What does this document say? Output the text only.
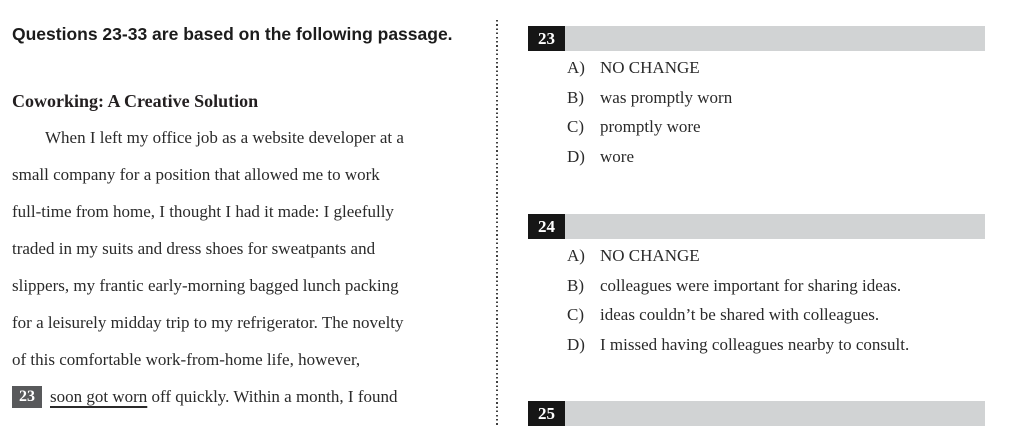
Questions 23-33 are based on the following passage.
Coworking: A Creative Solution
When I left my office job as a website developer at a
small company for a position that allowed me to work
full-time from home, I thought I had it made: I gleefully
traded in my suits and dress shoes for sweatpants and
slippers, my frantic early-morning bagged lunch packing
for a leisurely midday trip to my refrigerator. The novelty
of this comfortable work-from-home life, however,
23 soon got worn off quickly. Within a month, I found
23
A) NO CHANGE
B) was promptly worn
C) promptly wore
D) wore
24
A) NO CHANGE
B) colleagues were important for sharing ideas.
C) ideas couldn’t be shared with colleagues.
D) I missed having colleagues nearby to consult.
25
